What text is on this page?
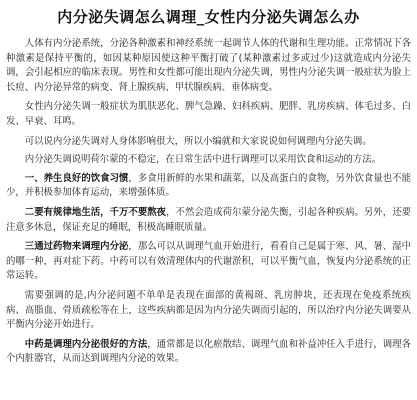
内分泌失调怎么调理_女性内分泌失调怎么办

人体有内分泌系统，分泌各种激素和神经系统一起调节人体的代谢和生理功能。正常情况下各种激素是保持平衡的，如因某种原因使这种平衡打破了(某种激素过多或过少)这就造成内分泌失调，会引起相应的临床表现。男性和女性都可能出现内分泌失调，男性内分泌失调一般症状为脸上长痘、内分泌异常的病变、肾上腺疾病、甲状腺疾病、垂体病变。

女性内分泌失调一般症状为肌肤恶化、脾气急躁、妇科疾病、肥胖、乳房疾病、体毛过多、白发、早衰、耳鸣。

可以说内分泌失调对人身体影响很大，所以小编就和大家说说如何调理内分泌失调。

内分泌失调说明荷尔蒙的不稳定，在日常生活中进行调理可以采用饮食和运动的方法。

一、养生良好的饮食习惯，多食用新鲜的水果和蔬菜，以及高蛋白的食物，另外饮食量也不能少，并积极参加体育运动，来增强体质。

二要有规律地生活，千万不要熬夜，不然会造成荷尔蒙分泌失衡，引起各种疾病。另外，还要注意多休息，保证充足的睡眠，积极高睡眠质量。

三通过药物来调理内分泌，那么可以从调理气血开始进行，看看自己是属于寒、风、暑、湿中的哪一种，再对症下药。中药可以有效清理体内的代谢淤积，可以平衡气血，恢复内分泌系统的正常运转。

需要强调的是,内分泌问题不单单是表现在面部的黄褐斑、乳房肿块，还表现在免疫系统疾病、高脂血、骨质疏松等在上，这些疾病都是因为内分泌失调而引起的，所以治疗内分泌失调要从平衡内分泌开始进行。

中药是调理内分泌很好的方法，通常都是以化瘀散结、调理气血和补益冲任入手进行，调理各个内脏器官，从而达到调理内分泌的效果。
